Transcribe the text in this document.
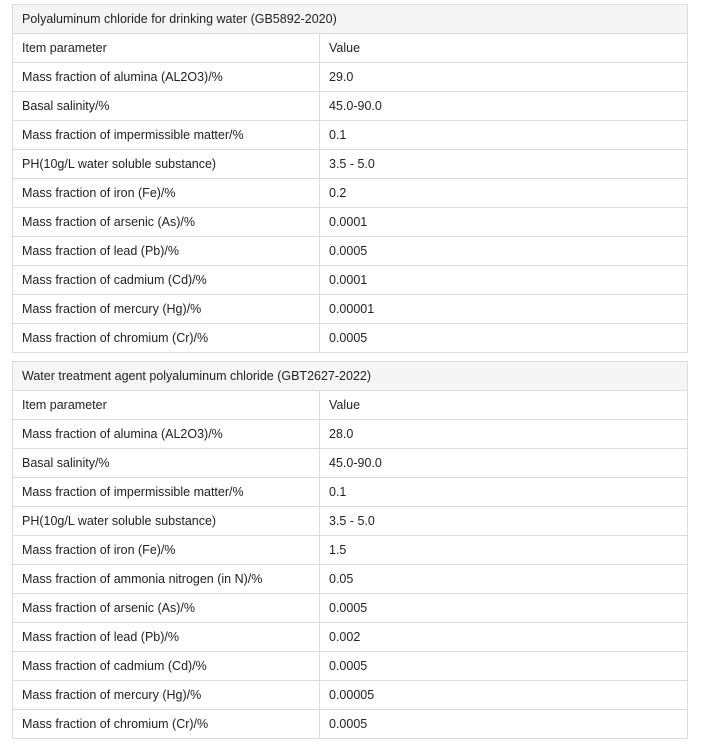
Polyaluminum chloride for drinking water (GB5892-2020)	
Item parameter	Value
Mass fraction of alumina (AL2O3)/%	29.0
Basal salinity/%	45.0-90.0
Mass fraction of impermissible matter/%	0.1
PH(10g/L water soluble substance)	3.5 - 5.0
Mass fraction of iron (Fe)/%	0.2
Mass fraction of arsenic (As)/%	0.0001
Mass fraction of lead (Pb)/%	0.0005
Mass fraction of cadmium (Cd)/%	0.0001
Mass fraction of mercury (Hg)/%	0.00001
Mass fraction of chromium (Cr)/%	0.0005
Water treatment agent polyaluminum chloride (GBT2627-2022)	
Item parameter	Value
Mass fraction of alumina (AL2O3)/%	28.0
Basal salinity/%	45.0-90.0
Mass fraction of impermissible matter/%	0.1
PH(10g/L water soluble substance)	3.5 - 5.0
Mass fraction of iron (Fe)/%	1.5
Mass fraction of ammonia nitrogen (in N)/%	0.05
Mass fraction of arsenic (As)/%	0.0005
Mass fraction of lead (Pb)/%	0.002
Mass fraction of cadmium (Cd)/%	0.0005
Mass fraction of mercury (Hg)/%	0.00005
Mass fraction of chromium (Cr)/%	0.0005
